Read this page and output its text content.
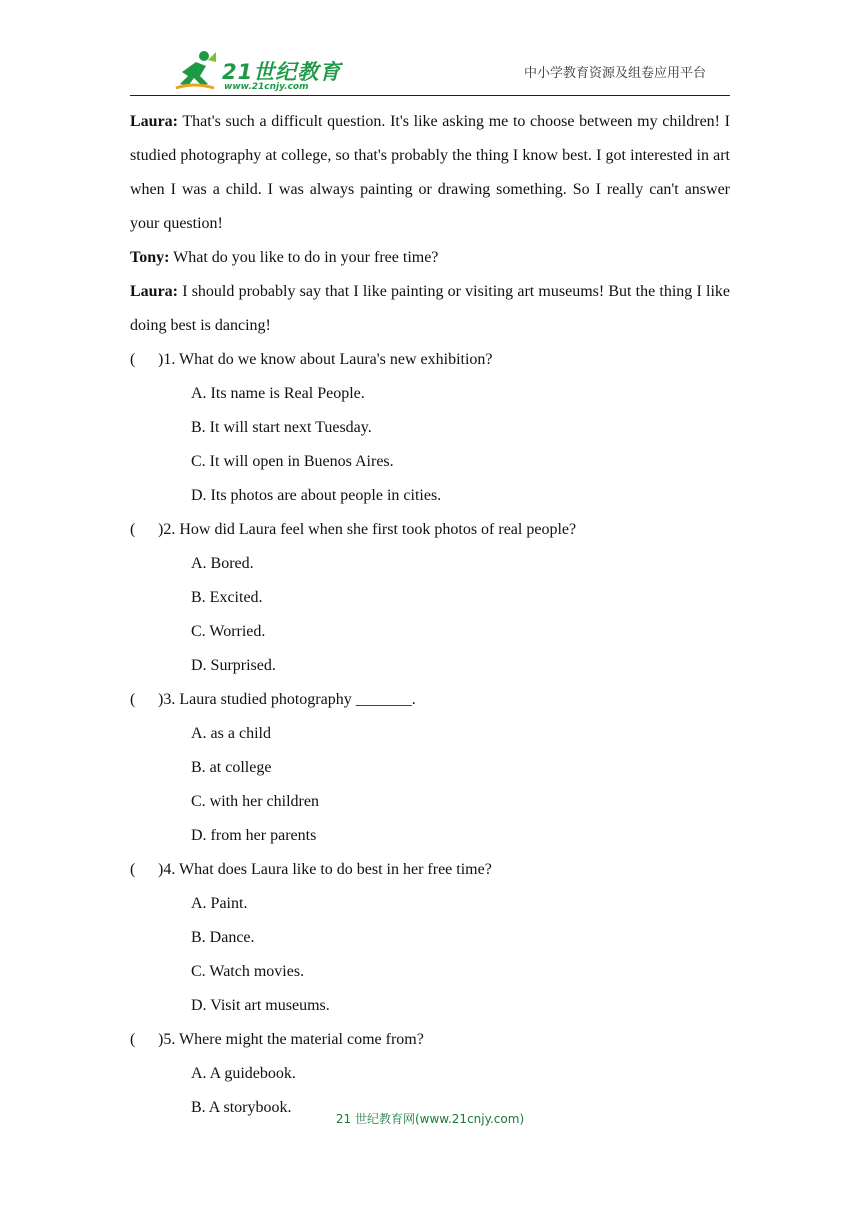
21世纪教育
www.21cnjy.com
中小学教育资源及组卷应用平台

Laura: That's such a difficult question. It's like asking me to choose between my children! I studied photography at college, so that's probably the thing I know best. I got interested in art when I was a child. I was always painting or drawing something. So I really can't answer your question!

Tony: What do you like to do in your free time?

Laura: I should probably say that I like painting or visiting art museums! But the thing I like doing best is dancing!

( )1. What do we know about Laura's new exhibition?

A. Its name is Real People.

B. It will start next Tuesday.

C. It will open in Buenos Aires.

D. Its photos are about people in cities.

( )2. How did Laura feel when she first took photos of real people?

A. Bored.

B. Excited.

C. Worried.

D. Surprised.

( )3. Laura studied photography _______.

A. as a child

B. at college

C. with her children

D. from her parents

( )4. What does Laura like to do best in her free time?

A. Paint.

B. Dance.

C. Watch movies.

D. Visit art museums.

( )5. Where might the material come from?

A. A guidebook.

B. A storybook.

21 世纪教育网(www.21cnjy.com)
